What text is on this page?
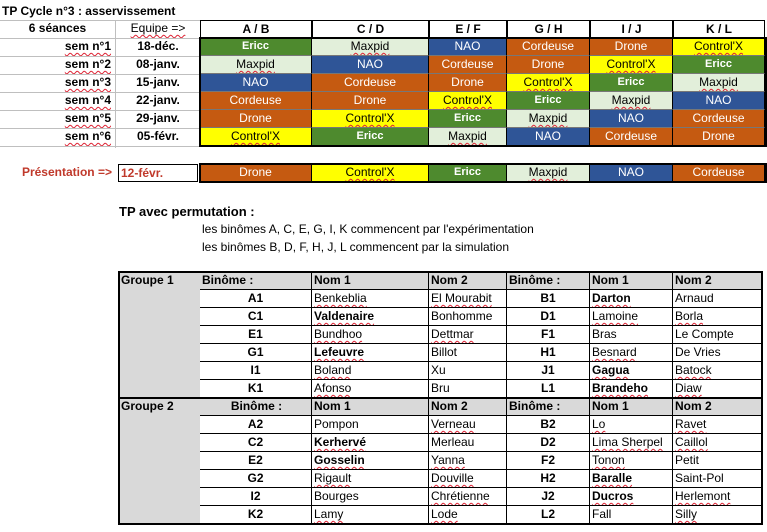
TP Cycle n°3 : asservissement
6 séances	Equipe =>	A / B	C / D	E / F	G / H	I / J	K / L
sem n°1	18-déc.	Ericc	Maxpid	NAO	Cordeuse	Drone	Control'X
sem n°2	08-janv.	Maxpid	NAO	Cordeuse	Drone	Control'X	Ericc
sem n°3	15-janv.	NAO	Cordeuse	Drone	Control'X	Ericc	Maxpid
sem n°4	22-janv.	Cordeuse	Drone	Control'X	Ericc	Maxpid	NAO
sem n°5	29-janv.	Drone	Control'X	Ericc	Maxpid	NAO	Cordeuse
sem n°6	05-févr.	Control'X	Ericc	Maxpid	NAO	Cordeuse	Drone
Présentation => 12-févr.	Drone	Control'X	Ericc	Maxpid	NAO	Cordeuse
TP avec permutation :
les binômes A, C, E, G, I, K commencent par l'expérimentation
les binômes B, D, F, H, J, L commencent par la simulation
Groupe 1	Binôme :	Nom 1	Nom 2	Binôme :	Nom 1	Nom 2
A1	Benkeblia	El Mourabit	B1	Darton	Arnaud
C1	Valdenaire	Bonhomme	D1	Lamoine	Borla
E1	Bundhoo	Dettmar	F1	Bras	Le Compte
G1	Lefeuvre	Billot	H1	Besnard	De Vries
I1	Boland	Xu	J1	Gagua	Batock
K1	Afonso	Bru	L1	Brandeho	Diaw
Groupe 2	Binôme :	Nom 1	Nom 2	Binôme :	Nom 1	Nom 2
A2	Pompon	Verneau	B2	Lo	Ravet
C2	Kerhervé	Merleau	D2	Lima Sherpel	Caillol
E2	Gosselin	Yanna	F2	Tonon	Petit
G2	Rigault	Douville	H2	Baralle	Saint-Pol
I2	Bourges	Chrétienne	J2	Ducros	Herlemont
K2	Lamy	Lode	L2	Fall	Silly
